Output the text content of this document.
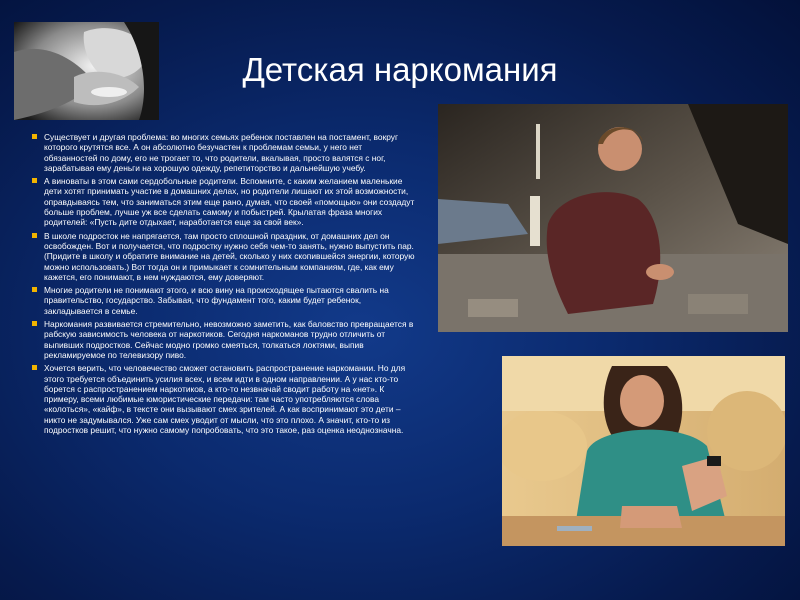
Детская наркомания
Существует и другая проблема: во многих семьях ребенок поставлен на постамент, вокруг которого крутятся все. А он абсолютно безучастен к проблемам семьи, у него нет обязанностей по дому, его не трогает то, что родители, вкалывая, просто валятся с ног, зарабатывая ему деньги на хорошую одежду, репетиторство и дальнейшую учебу.
А виноваты в этом сами сердобольные родители. Вспомните, с каким желанием маленькие дети хотят принимать участие в домашних делах, но родители лишают их этой возможности, оправдываясь тем, что заниматься этим еще рано, думая, что своей «помощью» они создадут больше проблем, лучше уж все сделать самому и побыстрей. Крылатая фраза многих родителей: «Пусть дите отдыхает, наработается еще за свой век».
В школе подросток не напрягается, там просто сплошной праздник, от домашних дел он освобожден. Вот и получается, что подростку нужно себя чем-то занять, нужно выпустить пар. (Придите в школу и обратите внимание на детей, сколько у них скопившейся энергии, которую можно использовать.) Вот тогда он и примыкает к сомнительным компаниям, где, как ему кажется, его понимают, в нем нуждаются, ему доверяют.
Многие родители не понимают этого, и всю вину на происходящее пытаются свалить на правительство, государство. Забывая, что фундамент того, каким будет ребенок, закладывается в семье.
Наркомания развивается стремительно, невозможно заметить, как баловство превращается в рабскую зависимость человека от наркотиков. Сегодня наркоманов трудно отличить от выпивших подростков. Сейчас модно громко смеяться, толкаться локтями, выпив рекламируемое по телевизору пиво.
Хочется верить, что человечество сможет остановить распространение наркомании. Но для этого требуется объединить усилия всех, и всем идти в одном направлении. А у нас кто-то борется с распространением наркотиков, а кто-то незвначай сводит работу на «нет». К примеру, всеми любимые юмористические передачи: там часто употребляются слова «колоться», «кайф», в тексте они вызывают смех зрителей. А как воспринимают это дети – никто не задумывался. Уже сам смех уводит от мысли, что это плохо. А значит, кто-то из подростков решит, что нужно самому попробовать, что это такое, раз оценка неоднозначна.
